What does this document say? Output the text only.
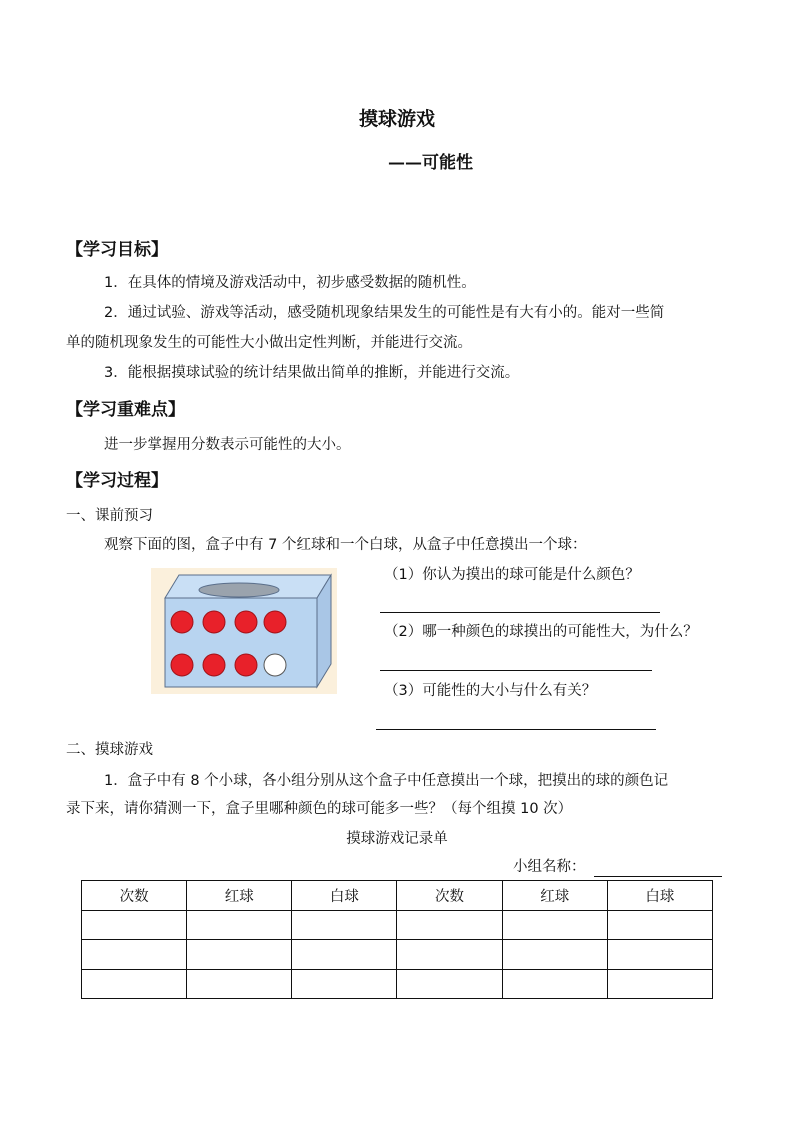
摸球游戏
——可能性
【学习目标】
1．在具体的情境及游戏活动中，初步感受数据的随机性。
2．通过试验、游戏等活动，感受随机现象结果发生的可能性是有大有小的。能对一些简
单的随机现象发生的可能性大小做出定性判断，并能进行交流。
3．能根据摸球试验的统计结果做出简单的推断，并能进行交流。
【学习重难点】
进一步掌握用分数表示可能性的大小。
【学习过程】
一、课前预习
观察下面的图，盒子中有 7 个红球和一个白球，从盒子中任意摸出一个球：
（1）你认为摸出的球可能是什么颜色？
（2）哪一种颜色的球摸出的可能性大，为什么？
（3）可能性的大小与什么有关？
二、摸球游戏
1．盒子中有 8 个小球，各小组分别从这个盒子中任意摸出一个球，把摸出的球的颜色记
录下来，请你猜测一下，盒子里哪种颜色的球可能多一些？（每个组摸 10 次）
摸球游戏记录单
小组名称：
次数	红球	白球	次数	红球	白球
